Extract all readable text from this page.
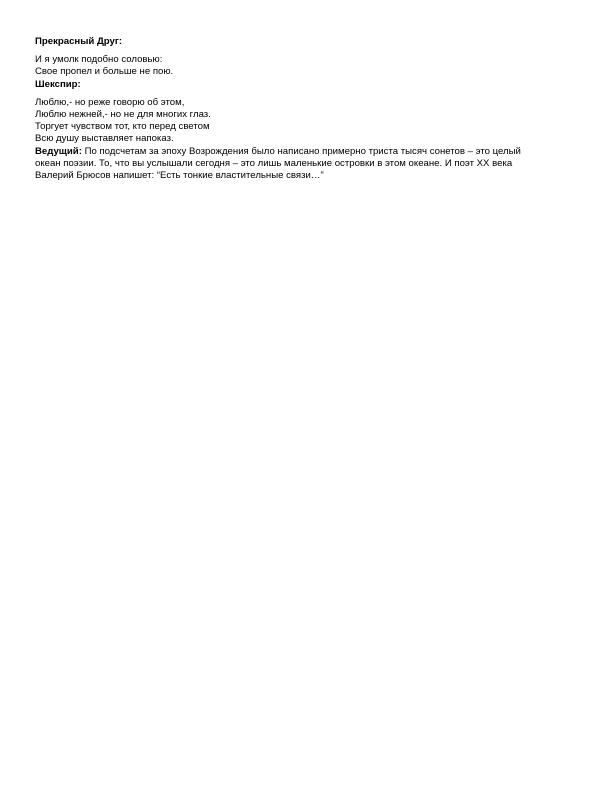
Прекрасный Друг:
И я умолк подобно соловью:
Свое пропел и больше не пою.
Шекспир:
Люблю,- но реже говорю об этом,
Люблю нежней,- но не для многих глаз.
Торгует чувством тот, кто перед светом
Всю душу выставляет напоказ.
Ведущий: По подсчетам за эпоху Возрождения было написано примерно триста тысяч сонетов – это целый
океан поэзии. То, что вы услышали сегодня – это лишь маленькие островки в этом океане. И поэт XX века
Валерий Брюсов напишет: “Есть тонкие властительные связи…”
